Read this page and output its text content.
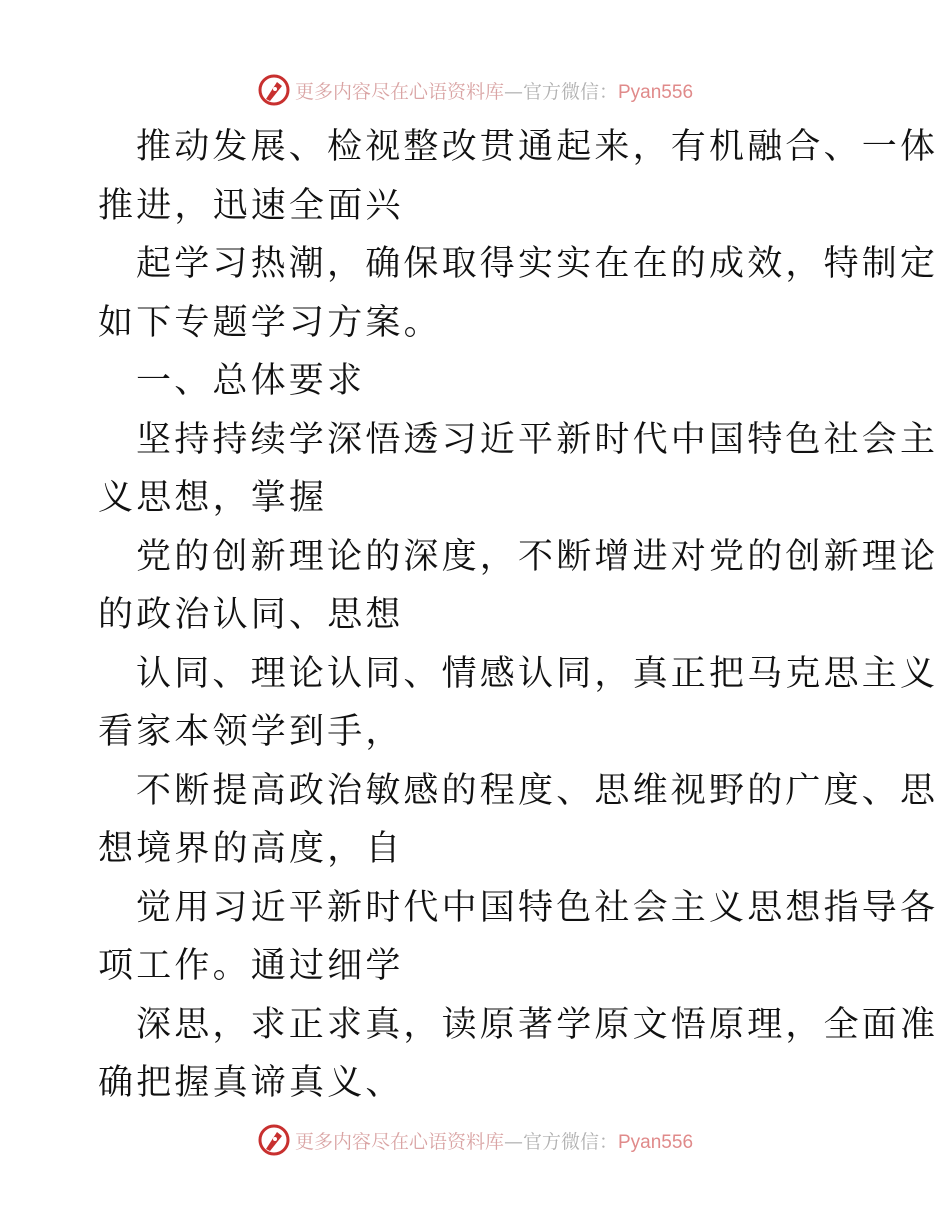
更多内容尽在心语资料库—官方微信：Pyan556
推动发展、检视整改贯通起来，有机融合、一体
推进，迅速全面兴
起学习热潮，确保取得实实在在的成效，特制定
如下专题学习方案。
一、总体要求
坚持持续学深悟透习近平新时代中国特色社会主
义思想，掌握
党的创新理论的深度，不断增进对党的创新理论
的政治认同、思想
认同、理论认同、情感认同，真正把马克思主义
看家本领学到手，
不断提高政治敏感的程度、思维视野的广度、思
想境界的高度，自
觉用习近平新时代中国特色社会主义思想指导各
项工作。通过细学
深思，求正求真，读原著学原文悟原理，全面准
确把握真谛真义、
更多内容尽在心语资料库—官方微信：Pyan556
